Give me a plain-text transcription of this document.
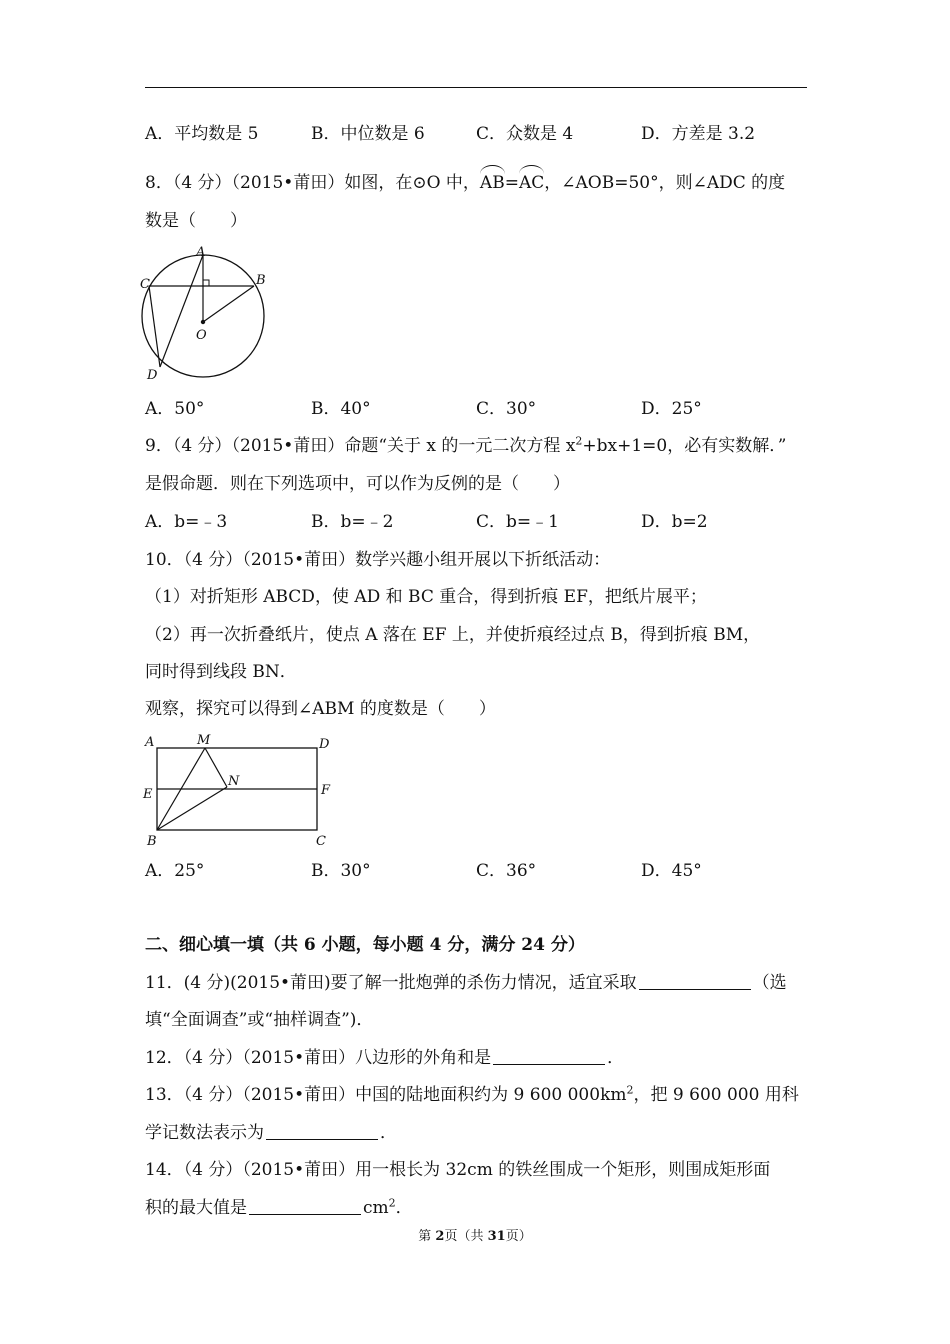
A．平均数是 5	B．中位数是 6	C．众数是 4	D．方差是 3.2
8．（4 分）（2015•莆田）如图，在⊙O 中，AB=AC，∠AOB=50°，则∠ADC 的度
数是（　　）
A
B
C
O
D
A．50°	B．40°	C．30°	D．25°
9．（4 分）（2015•莆田）命题“关于 x 的一元二次方程 $x^2+bx+1=0$，必有实数解．”
是假命题．则在下列选项中，可以作为反例的是（　　）
A．b=﹣3	B．b=﹣2	C．b=﹣1	D．b=2
10．（4 分）（2015•莆田）数学兴趣小组开展以下折纸活动：
（1）对折矩形 ABCD，使 AD 和 BC 重合，得到折痕 EF，把纸片展平；
（2）再一次折叠纸片，使点 A 落在 EF 上，并使折痕经过点 B，得到折痕 BM，
同时得到线段 BN．
观察，探究可以得到∠ABM 的度数是（　　）
A	M	D
E
N
F
B	C
A．25°	B．30°	C．36°	D．45°
二、细心填一填（共 6 小题，每小题 4 分，满分 24 分）
11．(4 分)(2015•莆田)要了解一批炮弹的杀伤力情况，适宜采取	（选
填“全面调查”或“抽样调查”)．
12．（4 分）（2015•莆田）八边形的外角和是	．
13．（4 分）（2015•莆田）中国的陆地面积约为 9 600 $000km^2$，把 9 600 000 用科
学记数法表示为	．
14．（4 分）（2015•莆田）用一根长为 32cm 的铁丝围成一个矩形，则围成矩形面
积的最大值是	$cm^2$．
第 2页（共 31页）
